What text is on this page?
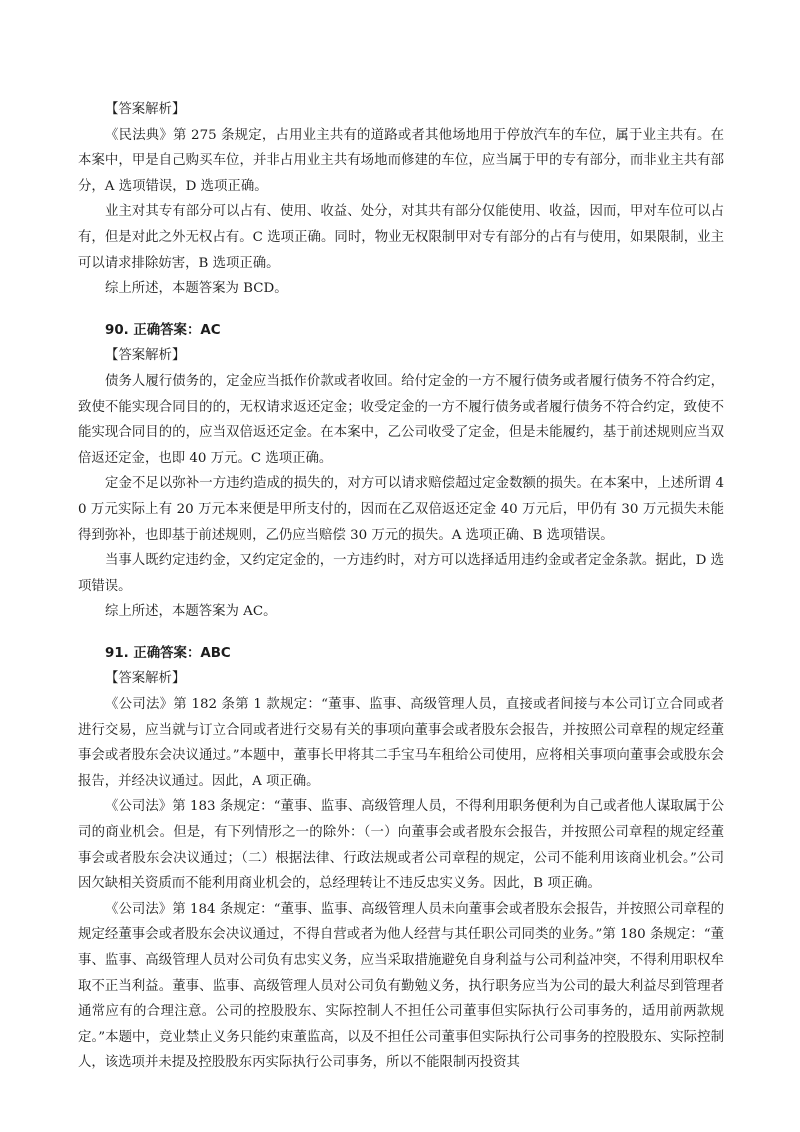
【答案解析】

《民法典》第 275 条规定，占用业主共有的道路或者其他场地用于停放汽车的车位，属于业主共有。在本案中，甲是自己购买车位，并非占用业主共有场地而修建的车位，应当属于甲的专有部分，而非业主共有部分，A 选项错误，D 选项正确。

业主对其专有部分可以占有、使用、收益、处分，对其共有部分仅能使用、收益，因而，甲对车位可以占有，但是对此之外无权占有。C 选项正确。同时，物业无权限制甲对专有部分的占有与使用，如果限制，业主可以请求排除妨害，B 选项正确。

综上所述，本题答案为 BCD。

90. 正确答案：AC

【答案解析】

债务人履行债务的，定金应当抵作价款或者收回。给付定金的一方不履行债务或者履行债务不符合约定，致使不能实现合同目的的，无权请求返还定金；收受定金的一方不履行债务或者履行债务不符合约定，致使不能实现合同目的的，应当双倍返还定金。在本案中，乙公司收受了定金，但是未能履约，基于前述规则应当双倍返还定金，也即 40 万元。C 选项正确。

定金不足以弥补一方违约造成的损失的，对方可以请求赔偿超过定金数额的损失。在本案中，上述所谓 40 万元实际上有 20 万元本来便是甲所支付的，因而在乙双倍返还定金 40 万元后，甲仍有 30 万元损失未能得到弥补，也即基于前述规则，乙仍应当赔偿 30 万元的损失。A 选项正确、B 选项错误。

当事人既约定违约金，又约定定金的，一方违约时，对方可以选择适用违约金或者定金条款。据此，D 选项错误。

综上所述，本题答案为 AC。

91. 正确答案：ABC

【答案解析】

《公司法》第 182 条第 1 款规定：“董事、监事、高级管理人员，直接或者间接与本公司订立合同或者进行交易，应当就与订立合同或者进行交易有关的事项向董事会或者股东会报告，并按照公司章程的规定经董事会或者股东会决议通过。”本题中，董事长甲将其二手宝马车租给公司使用，应将相关事项向董事会或股东会报告，并经决议通过。因此，A 项正确。

《公司法》第 183 条规定：“董事、监事、高级管理人员，不得利用职务便利为自己或者他人谋取属于公司的商业机会。但是，有下列情形之一的除外：（一）向董事会或者股东会报告，并按照公司章程的规定经董事会或者股东会决议通过；（二）根据法律、行政法规或者公司章程的规定，公司不能利用该商业机会。”公司因欠缺相关资质而不能利用商业机会的，总经理转让不违反忠实义务。因此，B 项正确。

《公司法》第 184 条规定：“董事、监事、高级管理人员未向董事会或者股东会报告，并按照公司章程的规定经董事会或者股东会决议通过，不得自营或者为他人经营与其任职公司同类的业务。”第 180 条规定：“董事、监事、高级管理人员对公司负有忠实义务，应当采取措施避免自身利益与公司利益冲突，不得利用职权牟取不正当利益。董事、监事、高级管理人员对公司负有勤勉义务，执行职务应当为公司的最大利益尽到管理者通常应有的合理注意。公司的控股股东、实际控制人不担任公司董事但实际执行公司事务的，适用前两款规定。”本题中，竞业禁止义务只能约束董监高，以及不担任公司董事但实际执行公司事务的控股股东、实际控制人，该选项并未提及控股股东丙实际执行公司事务，所以不能限制丙投资其
